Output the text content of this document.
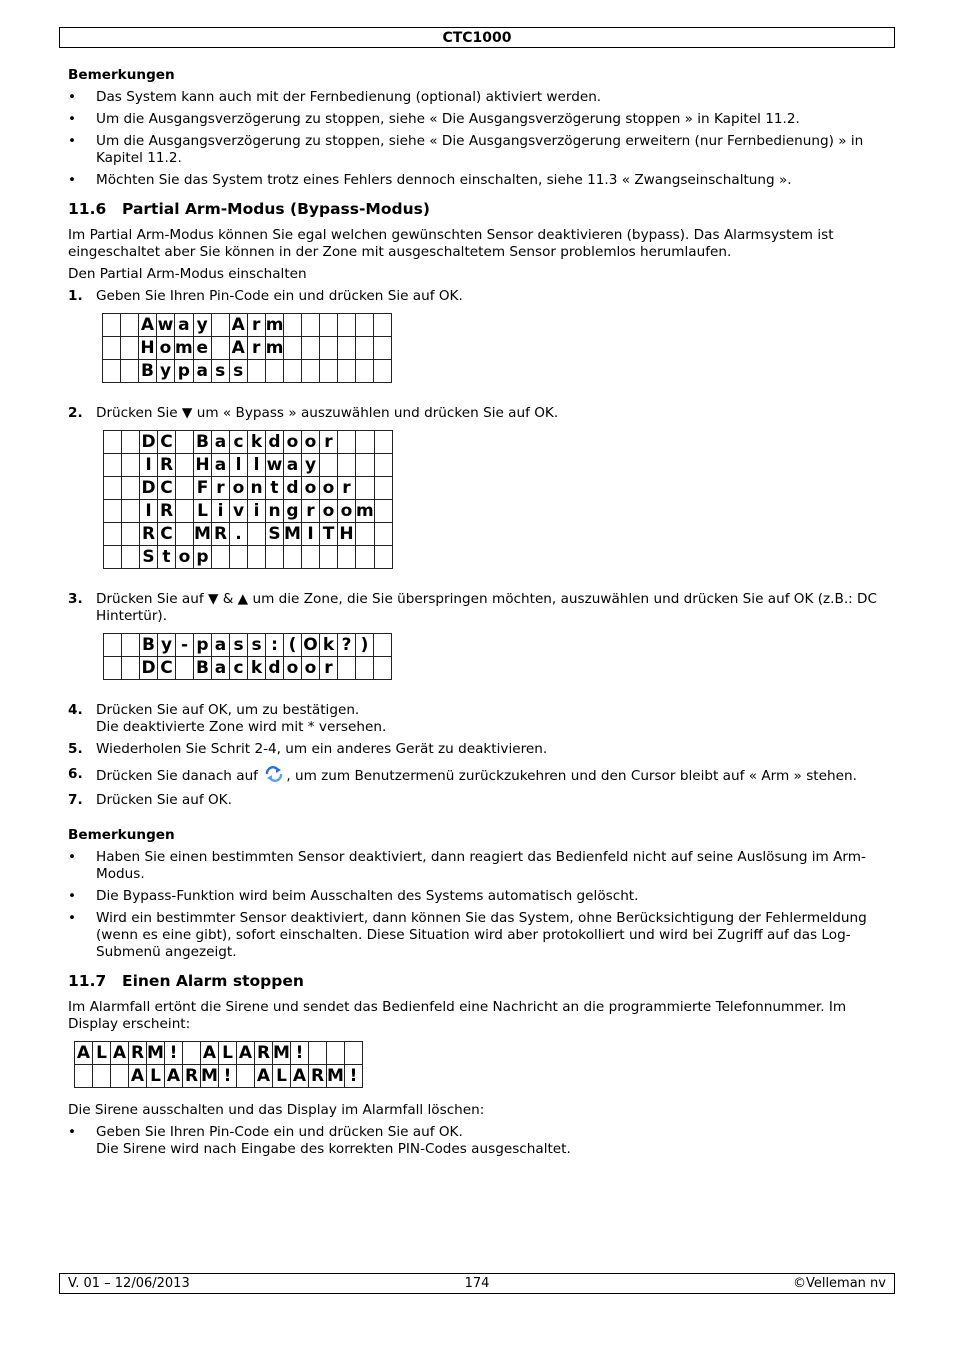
CTC1000
Bemerkungen
• Das System kann auch mit der Fernbedienung (optional) aktiviert werden.
• Um die Ausgangsverzögerung zu stoppen, siehe « Die Ausgangsverzögerung stoppen » in Kapitel 11.2.
• Um die Ausgangsverzögerung zu stoppen, siehe « Die Ausgangsverzögerung erweitern (nur Fernbedienung) » in Kapitel 11.2.
• Möchten Sie das System trotz eines Fehlers dennoch einschalten, siehe 11.3 « Zwangseinschaltung ».
11.6 Partial Arm-Modus (Bypass-Modus)

Im Partial Arm-Modus können Sie egal welchen gewünschten Sensor deaktivieren (bypass). Das Alarmsystem ist eingeschaltet aber Sie können in der Zone mit ausgeschaltetem Sensor problemlos herumlaufen.

Den Partial Arm-Modus einschalten

1. Geben Sie Ihren Pin-Code ein und drücken Sie auf OK.
		A	w	a	y		A	r	m						
		H	o	m	e		A	r	m						
		B	y	p	a	s	s								
2. Drücken Sie ▼ um « Bypass » auszuwählen und drücken Sie auf OK.
		D	C		B	a	c	k	d	o	o	r			
		I	R		H	a	l	l	w	a	y				
		D	C		F	r	o	n	t	d	o	o	r		
		I	R		L	i	v	i	n	g	r	o	o	m	
		R	C		M	R	.		S	M	I	T	H		
		S	t	o	p										
3. Drücken Sie auf ▼ & ▲ um die Zone, die Sie überspringen möchten, auszuwählen und drücken Sie auf OK (z.B.: DC Hintertür).
		B	y	-	p	a	s	s	:	(	O	k	?	)	
		D	C		B	a	c	k	d	o	o	r			
4. Drücken Sie auf OK, um zu bestätigen.
Die deaktivierte Zone wird mit * versehen.
5. Wiederholen Sie Schrit 2-4, um ein anderes Gerät zu deaktivieren.
6. Drücken Sie danach auf , um zum Benutzermenü zurückzukehren und den Cursor bleibt auf « Arm » stehen.
7. Drücken Sie auf OK.
Bemerkungen
• Haben Sie einen bestimmten Sensor deaktiviert, dann reagiert das Bedienfeld nicht auf seine Auslösung im Arm-Modus.
• Die Bypass-Funktion wird beim Ausschalten des Systems automatisch gelöscht.
• Wird ein bestimmter Sensor deaktiviert, dann können Sie das System, ohne Berücksichtigung der Fehlermeldung (wenn es eine gibt), sofort einschalten. Diese Situation wird aber protokolliert und wird bei Zugriff auf das Log-Submenü angezeigt.
11.7 Einen Alarm stoppen

Im Alarmfall ertönt die Sirene und sendet das Bedienfeld eine Nachricht an die programmierte Telefonnummer. Im Display erscheint:

A	L	A	R	M	!		A	L	A	R	M	!			
			A	L	A	R	M	!		A	L	A	R	M	!

Die Sirene ausschalten und das Display im Alarmfall löschen:

• Geben Sie Ihren Pin-Code ein und drücken Sie auf OK.
Die Sirene wird nach Eingabe des korrekten PIN-Codes ausgeschaltet.
V. 01 – 12/06/2013	174	©Velleman nv
